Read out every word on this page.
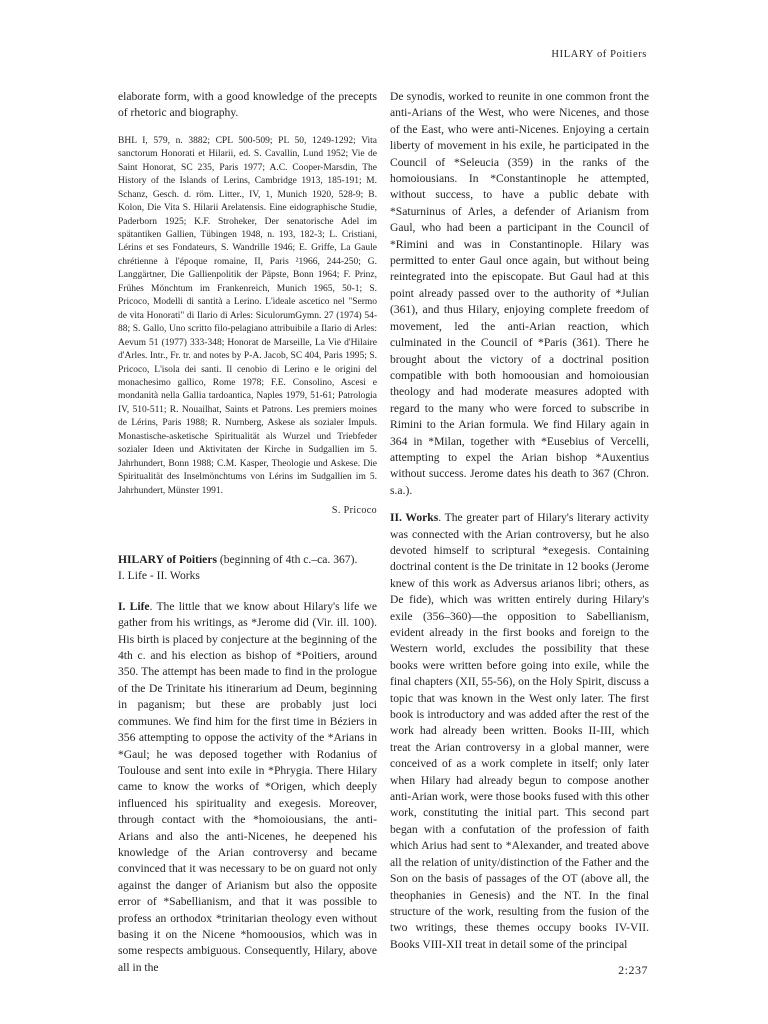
HILARY of Poitiers

elaborate form, with a good knowledge of the precepts of rhetoric and biography.

BHL I, 579, n. 3882; CPL 500-509; PL 50, 1249-1292; Vita sanctorum Honorati et Hilarii, ed. S. Cavallin, Lund 1952; Vie de Saint Honorat, SC 235, Paris 1977; A.C. Cooper-Marsdin, The History of the Islands of Lerins, Cambridge 1913, 185-191; M. Schanz, Gesch. d. röm. Litter., IV, 1, Munich 1920, 528-9; B. Kolon, Die Vita S. Hilarii Arelatensis. Eine eidographische Studie, Paderborn 1925; K.F. Stroheker, Der senatorische Adel im spätantiken Gallien, Tübingen 1948, n. 193, 182-3; L. Cristiani, Lérins et ses Fondateurs, S. Wandrille 1946; E. Griffe, La Gaule chrétienne à l'époque romaine, II, Paris ²1966, 244-250; G. Langgärtner, Die Gallienpolitik der Päpste, Bonn 1964; F. Prinz, Frühes Mönchtum im Frankenreich, Munich 1965, 50-1; S. Pricoco, Modelli di santità a Lerino. L'ideale ascetico nel "Sermo de vita Honorati" di Ilario di Arles: SiculorumGymn. 27 (1974) 54-88; S. Gallo, Uno scritto filo-pelagiano attribuibile a Ilario di Arles: Aevum 51 (1977) 333-348; Honorat de Marseille, La Vie d'Hilaire d'Arles. Intr., Fr. tr. and notes by P-A. Jacob, SC 404, Paris 1995; S. Pricoco, L'isola dei santi. Il cenobio di Lerino e le origini del monachesimo gallico, Rome 1978; F.E. Consolino, Ascesi e mondanità nella Gallia tardoantica, Naples 1979, 51-61; Patrologia IV, 510-511; R. Nouailhat, Saints et Patrons. Les premiers moines de Lérins, Paris 1988; R. Nurnberg, Askese als sozialer Impuls. Monastische-asketische Spiritualität als Wurzel und Triebfeder sozialer Ideen und Aktivitaten der Kirche in Sudgallien im 5. Jahrhundert, Bonn 1988; C.M. Kasper, Theologie und Askese. Die Spiritualität des Inselmönchtums von Lérins im Sudgallien im 5. Jahrhundert, Münster 1991.

S. Pricoco

HILARY of Poitiers (beginning of 4th c.–ca. 367).
I. Life - II. Works

I. Life. The little that we know about Hilary's life we gather from his writings, as *Jerome did (Vir. ill. 100). His birth is placed by conjecture at the beginning of the 4th c. and his election as bishop of *Poitiers, around 350. The attempt has been made to find in the prologue of the De Trinitate his itinerarium ad Deum, beginning in paganism; but these are probably just loci communes. We find him for the first time in Béziers in 356 attempting to oppose the activity of the *Arians in *Gaul; he was deposed together with Rodanius of Toulouse and sent into exile in *Phrygia. There Hilary came to know the works of *Origen, which deeply influenced his spirituality and exegesis. Moreover, through contact with the *homoiousians, the anti-Arians and also the anti-Nicenes, he deepened his knowledge of the Arian controversy and became convinced that it was necessary to be on guard not only against the danger of Arianism but also the opposite error of *Sabellianism, and that it was possible to profess an orthodox *trinitarian theology even without basing it on the Nicene *homoousios, which was in some respects ambiguous. Consequently, Hilary, above all in the

De synodis, worked to reunite in one common front the anti-Arians of the West, who were Nicenes, and those of the East, who were anti-Nicenes. Enjoying a certain liberty of movement in his exile, he participated in the Council of *Seleucia (359) in the ranks of the homoiousians. In *Constantinople he attempted, without success, to have a public debate with *Saturninus of Arles, a defender of Arianism from Gaul, who had been a participant in the Council of *Rimini and was in Constantinople. Hilary was permitted to enter Gaul once again, but without being reintegrated into the episcopate. But Gaul had at this point already passed over to the authority of *Julian (361), and thus Hilary, enjoying complete freedom of movement, led the anti-Arian reaction, which culminated in the Council of *Paris (361). There he brought about the victory of a doctrinal position compatible with both homoousian and homoiousian theology and had moderate measures adopted with regard to the many who were forced to subscribe in Rimini to the Arian formula. We find Hilary again in 364 in *Milan, together with *Eusebius of Vercelli, attempting to expel the Arian bishop *Auxentius without success. Jerome dates his death to 367 (Chron. s.a.).

II. Works. The greater part of Hilary's literary activity was connected with the Arian controversy, but he also devoted himself to scriptural *exegesis. Containing doctrinal content is the De trinitate in 12 books (Jerome knew of this work as Adversus arianos libri; others, as De fide), which was written entirely during Hilary's exile (356–360)—the opposition to Sabellianism, evident already in the first books and foreign to the Western world, excludes the possibility that these books were written before going into exile, while the final chapters (XII, 55-56), on the Holy Spirit, discuss a topic that was known in the West only later. The first book is introductory and was added after the rest of the work had already been written. Books II-III, which treat the Arian controversy in a global manner, were conceived of as a work complete in itself; only later when Hilary had already begun to compose another anti-Arian work, were those books fused with this other work, constituting the initial part. This second part began with a confutation of the profession of faith which Arius had sent to *Alexander, and treated above all the relation of unity/distinction of the Father and the Son on the basis of passages of the OT (above all, the theophanies in Genesis) and the NT. In the final structure of the work, resulting from the fusion of the two writings, these themes occupy books IV-VII. Books VIII-XII treat in detail some of the principal

2:237
